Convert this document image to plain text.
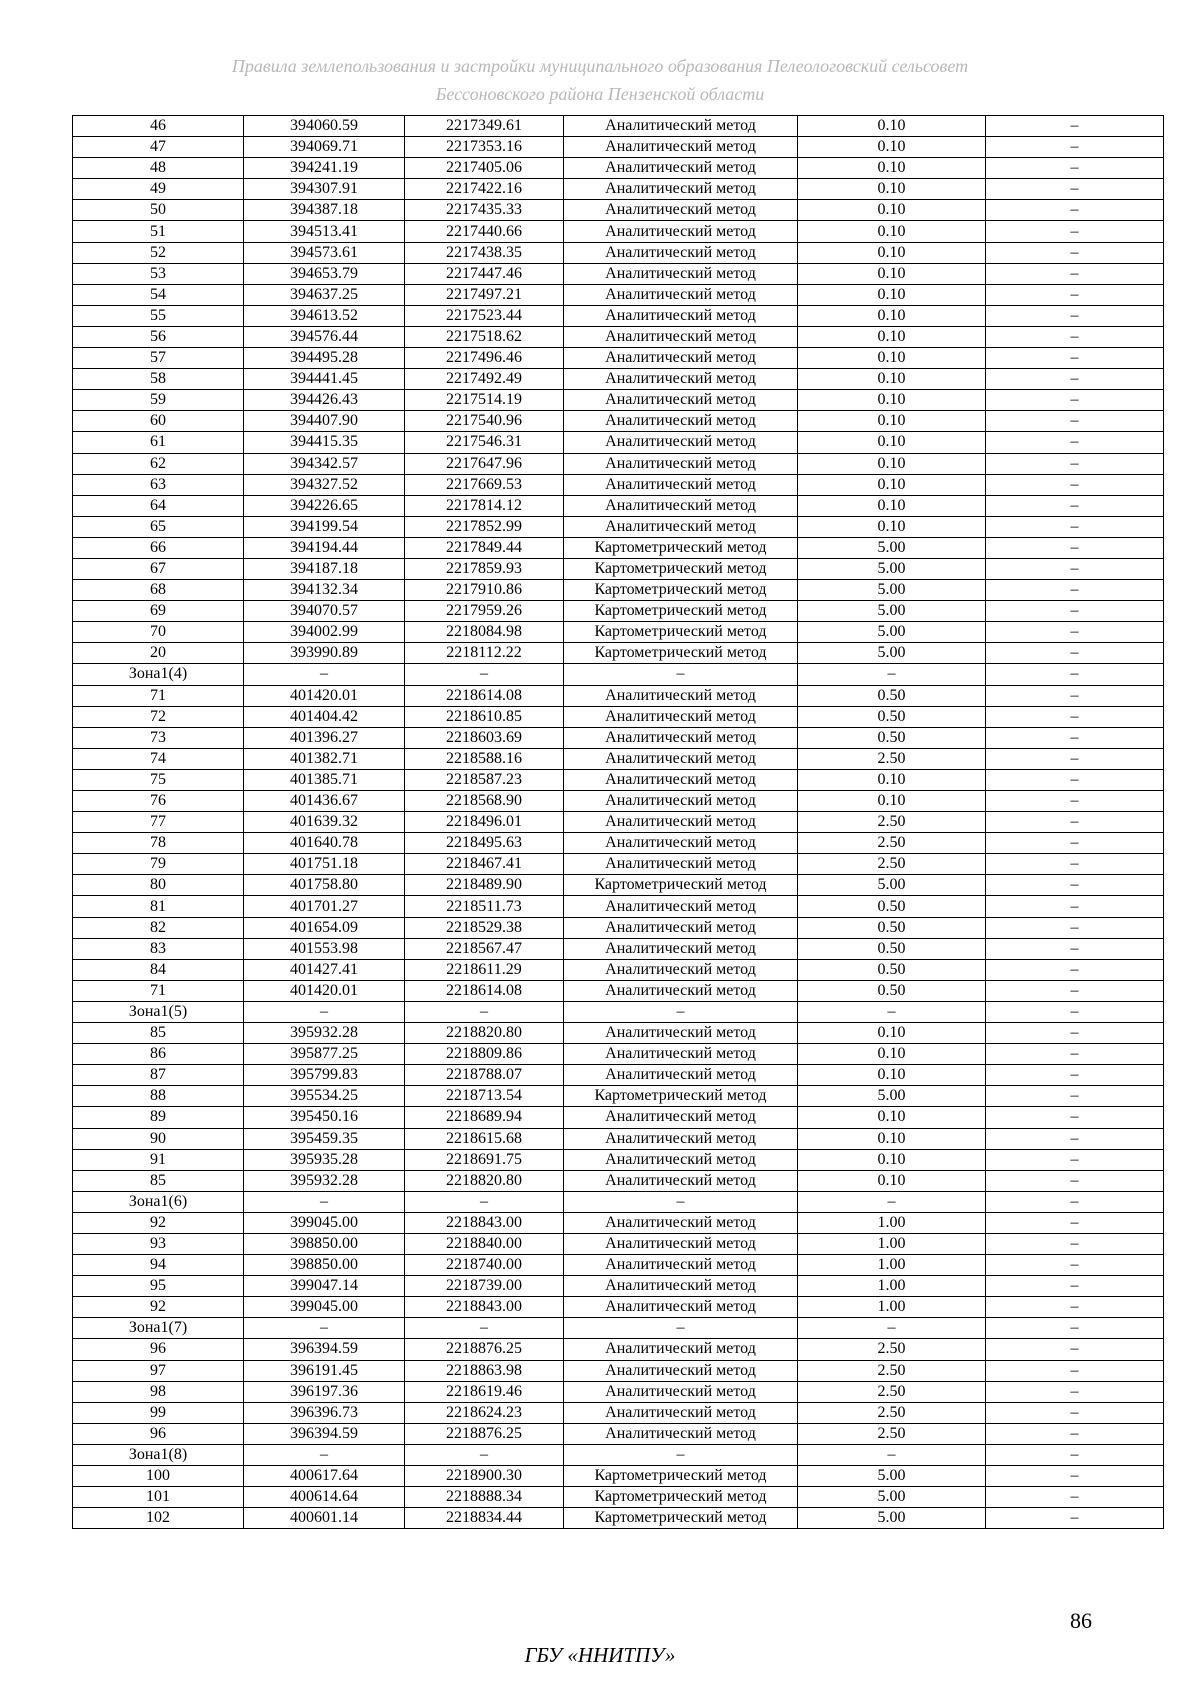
Правила землепользования и застройки муниципального образования Пелеологовский сельсовет
Бессоновского района Пензенской области
46	394060.59	2217349.61	Аналитический метод	0.10	–
47	394069.71	2217353.16	Аналитический метод	0.10	–
48	394241.19	2217405.06	Аналитический метод	0.10	–
49	394307.91	2217422.16	Аналитический метод	0.10	–
50	394387.18	2217435.33	Аналитический метод	0.10	–
51	394513.41	2217440.66	Аналитический метод	0.10	–
52	394573.61	2217438.35	Аналитический метод	0.10	–
53	394653.79	2217447.46	Аналитический метод	0.10	–
54	394637.25	2217497.21	Аналитический метод	0.10	–
55	394613.52	2217523.44	Аналитический метод	0.10	–
56	394576.44	2217518.62	Аналитический метод	0.10	–
57	394495.28	2217496.46	Аналитический метод	0.10	–
58	394441.45	2217492.49	Аналитический метод	0.10	–
59	394426.43	2217514.19	Аналитический метод	0.10	–
60	394407.90	2217540.96	Аналитический метод	0.10	–
61	394415.35	2217546.31	Аналитический метод	0.10	–
62	394342.57	2217647.96	Аналитический метод	0.10	–
63	394327.52	2217669.53	Аналитический метод	0.10	–
64	394226.65	2217814.12	Аналитический метод	0.10	–
65	394199.54	2217852.99	Аналитический метод	0.10	–
66	394194.44	2217849.44	Картометрический метод	5.00	–
67	394187.18	2217859.93	Картометрический метод	5.00	–
68	394132.34	2217910.86	Картометрический метод	5.00	–
69	394070.57	2217959.26	Картометрический метод	5.00	–
70	394002.99	2218084.98	Картометрический метод	5.00	–
20	393990.89	2218112.22	Картометрический метод	5.00	–
Зона1(4)	–	–	–	–	–
71	401420.01	2218614.08	Аналитический метод	0.50	–
72	401404.42	2218610.85	Аналитический метод	0.50	–
73	401396.27	2218603.69	Аналитический метод	0.50	–
74	401382.71	2218588.16	Аналитический метод	2.50	–
75	401385.71	2218587.23	Аналитический метод	0.10	–
76	401436.67	2218568.90	Аналитический метод	0.10	–
77	401639.32	2218496.01	Аналитический метод	2.50	–
78	401640.78	2218495.63	Аналитический метод	2.50	–
79	401751.18	2218467.41	Аналитический метод	2.50	–
80	401758.80	2218489.90	Картометрический метод	5.00	–
81	401701.27	2218511.73	Аналитический метод	0.50	–
82	401654.09	2218529.38	Аналитический метод	0.50	–
83	401553.98	2218567.47	Аналитический метод	0.50	–
84	401427.41	2218611.29	Аналитический метод	0.50	–
71	401420.01	2218614.08	Аналитический метод	0.50	–
Зона1(5)	–	–	–	–	–
85	395932.28	2218820.80	Аналитический метод	0.10	–
86	395877.25	2218809.86	Аналитический метод	0.10	–
87	395799.83	2218788.07	Аналитический метод	0.10	–
88	395534.25	2218713.54	Картометрический метод	5.00	–
89	395450.16	2218689.94	Аналитический метод	0.10	–
90	395459.35	2218615.68	Аналитический метод	0.10	–
91	395935.28	2218691.75	Аналитический метод	0.10	–
85	395932.28	2218820.80	Аналитический метод	0.10	–
Зона1(6)	–	–	–	–	–
92	399045.00	2218843.00	Аналитический метод	1.00	–
93	398850.00	2218840.00	Аналитический метод	1.00	–
94	398850.00	2218740.00	Аналитический метод	1.00	–
95	399047.14	2218739.00	Аналитический метод	1.00	–
92	399045.00	2218843.00	Аналитический метод	1.00	–
Зона1(7)	–	–	–	–	–
96	396394.59	2218876.25	Аналитический метод	2.50	–
97	396191.45	2218863.98	Аналитический метод	2.50	–
98	396197.36	2218619.46	Аналитический метод	2.50	–
99	396396.73	2218624.23	Аналитический метод	2.50	–
96	396394.59	2218876.25	Аналитический метод	2.50	–
Зона1(8)	–	–	–	–	–
100	400617.64	2218900.30	Картометрический метод	5.00	–
101	400614.64	2218888.34	Картометрический метод	5.00	–
102	400601.14	2218834.44	Картометрический метод	5.00	–
86
ГБУ «ННИТПУ»
